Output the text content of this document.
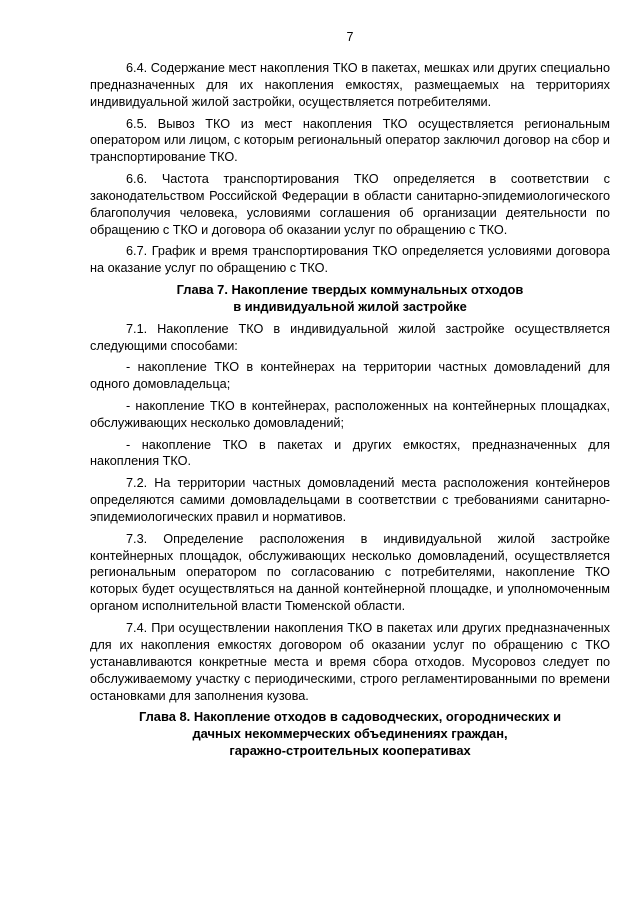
7

6.4. Содержание мест накопления ТКО в пакетах, мешках или других специально предназначенных для их накопления емкостях, размещаемых на территориях индивидуальной жилой застройки, осуществляется потребителями.

6.5. Вывоз ТКО из мест накопления ТКО осуществляется региональным оператором или лицом, с которым региональный оператор заключил договор на сбор и транспортирование ТКО.

6.6. Частота транспортирования ТКО определяется в соответствии с законодательством Российской Федерации в области санитарно-эпидемиологического благополучия человека, условиями соглашения об организации деятельности по обращению с ТКО и договора об оказании услуг по обращению с ТКО.

6.7. График и время транспортирования ТКО определяется условиями договора на оказание услуг по обращению с ТКО.

Глава 7. Накопление твердых коммунальных отходов
в индивидуальной жилой застройке

7.1. Накопление ТКО в индивидуальной жилой застройке осуществляется следующими способами:

- накопление ТКО в контейнерах на территории частных домовладений для одного домовладельца;

- накопление ТКО в контейнерах, расположенных на контейнерных площадках, обслуживающих несколько домовладений;

- накопление ТКО в пакетах и других емкостях, предназначенных для накопления ТКО.

7.2. На территории частных домовладений места расположения контейнеров определяются самими домовладельцами в соответствии с требованиями санитарно-эпидемиологических правил и нормативов.

7.3. Определение расположения в индивидуальной жилой застройке контейнерных площадок, обслуживающих несколько домовладений, осуществляется региональным оператором по согласованию с потребителями, накопление ТКО которых будет осуществляться на данной контейнерной площадке, и уполномоченным органом исполнительной власти Тюменской области.

7.4. При осуществлении накопления ТКО в пакетах или других предназначенных для их накопления емкостях договором об оказании услуг по обращению с ТКО устанавливаются конкретные места и время сбора отходов. Мусоровоз следует по обслуживаемому участку с периодическими, строго регламентированными по времени остановками для заполнения кузова.

Глава 8. Накопление отходов в садоводческих, огороднических и
дачных некоммерческих объединениях граждан,
гаражно-строительных кооперативах
